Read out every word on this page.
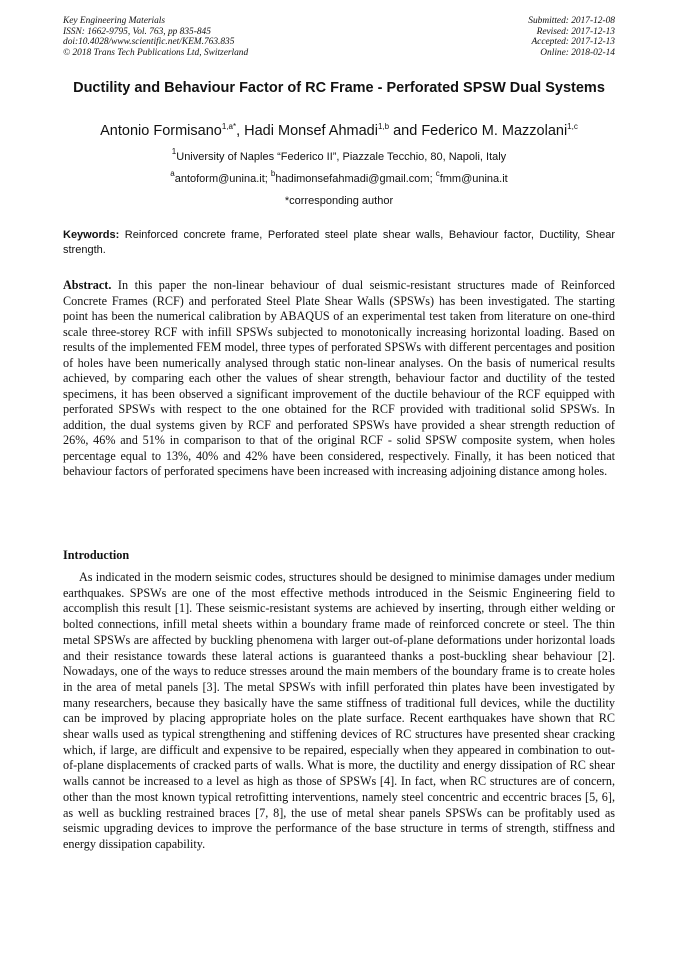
Key Engineering Materials
ISSN: 1662-9795, Vol. 763, pp 835-845
doi:10.4028/www.scientific.net/KEM.763.835
© 2018 Trans Tech Publications Ltd, Switzerland
Submitted: 2017-12-08
Revised: 2017-12-13
Accepted: 2017-12-13
Online: 2018-02-14
Ductility and Behaviour Factor of RC Frame - Perforated SPSW Dual Systems
Antonio Formisano$^{1,a*}$, Hadi Monsef Ahmadi$^{1,b}$ and Federico M. Mazzolani$^{1,c}$
$^1$University of Naples “Federico II”, Piazzale Tecchio, 80, Napoli, Italy
$^a$antoform@unina.it; $^b$hadimonsefahmadi@gmail.com; $^c$fmm@unina.it
*corresponding author
Keywords: Reinforced concrete frame, Perforated steel plate shear walls, Behaviour factor, Ductility, Shear strength.
Abstract. In this paper the non-linear behaviour of dual seismic-resistant structures made of Reinforced Concrete Frames (RCF) and perforated Steel Plate Shear Walls (SPSWs) has been investigated. The starting point has been the numerical calibration by ABAQUS of an experimental test taken from literature on one-third scale three-storey RCF with infill SPSWs subjected to monotonically increasing horizontal loading. Based on results of the implemented FEM model, three types of perforated SPSWs with different percentages and position of holes have been numerically analysed through static non-linear analyses. On the basis of numerical results achieved, by comparing each other the values of shear strength, behaviour factor and ductility of the tested specimens, it has been observed a significant improvement of the ductile behaviour of the RCF equipped with perforated SPSWs with respect to the one obtained for the RCF provided with traditional solid SPSWs. In addition, the dual systems given by RCF and perforated SPSWs have provided a shear strength reduction of 26%, 46% and 51% in comparison to that of the original RCF - solid SPSW composite system, when holes percentage equal to 13%, 40% and 42% have been considered, respectively. Finally, it has been noticed that behaviour factors of perforated specimens have been increased with increasing adjoining distance among holes.
Introduction
As indicated in the modern seismic codes, structures should be designed to minimise damages under medium earthquakes. SPSWs are one of the most effective methods introduced in the Seismic Engineering field to accomplish this result [1]. These seismic-resistant systems are achieved by inserting, through either welding or bolted connections, infill metal sheets within a boundary frame made of reinforced concrete or steel. The thin metal SPSWs are affected by buckling phenomena with larger out-of-plane deformations under horizontal loads and their resistance towards these lateral actions is guaranteed thanks a post-buckling shear behaviour [2]. Nowadays, one of the ways to reduce stresses around the main members of the boundary frame is to create holes in the area of metal panels [3]. The metal SPSWs with infill perforated thin plates have been investigated by many researchers, because they basically have the same stiffness of traditional full devices, while the ductility can be improved by placing appropriate holes on the plate surface. Recent earthquakes have shown that RC shear walls used as typical strengthening and stiffening devices of RC structures have presented shear cracking which, if large, are difficult and expensive to be repaired, especially when they appeared in combination to out-of-plane displacements of cracked parts of walls. What is more, the ductility and energy dissipation of RC shear walls cannot be increased to a level as high as those of SPSWs [4]. In fact, when RC structures are of concern, other than the most known typical retrofitting interventions, namely steel concentric and eccentric braces [5, 6], as well as buckling restrained braces [7, 8], the use of metal shear panels SPSWs can be profitably used as seismic upgrading devices to improve the performance of the base structure in terms of strength, stiffness and energy dissipation capability.
